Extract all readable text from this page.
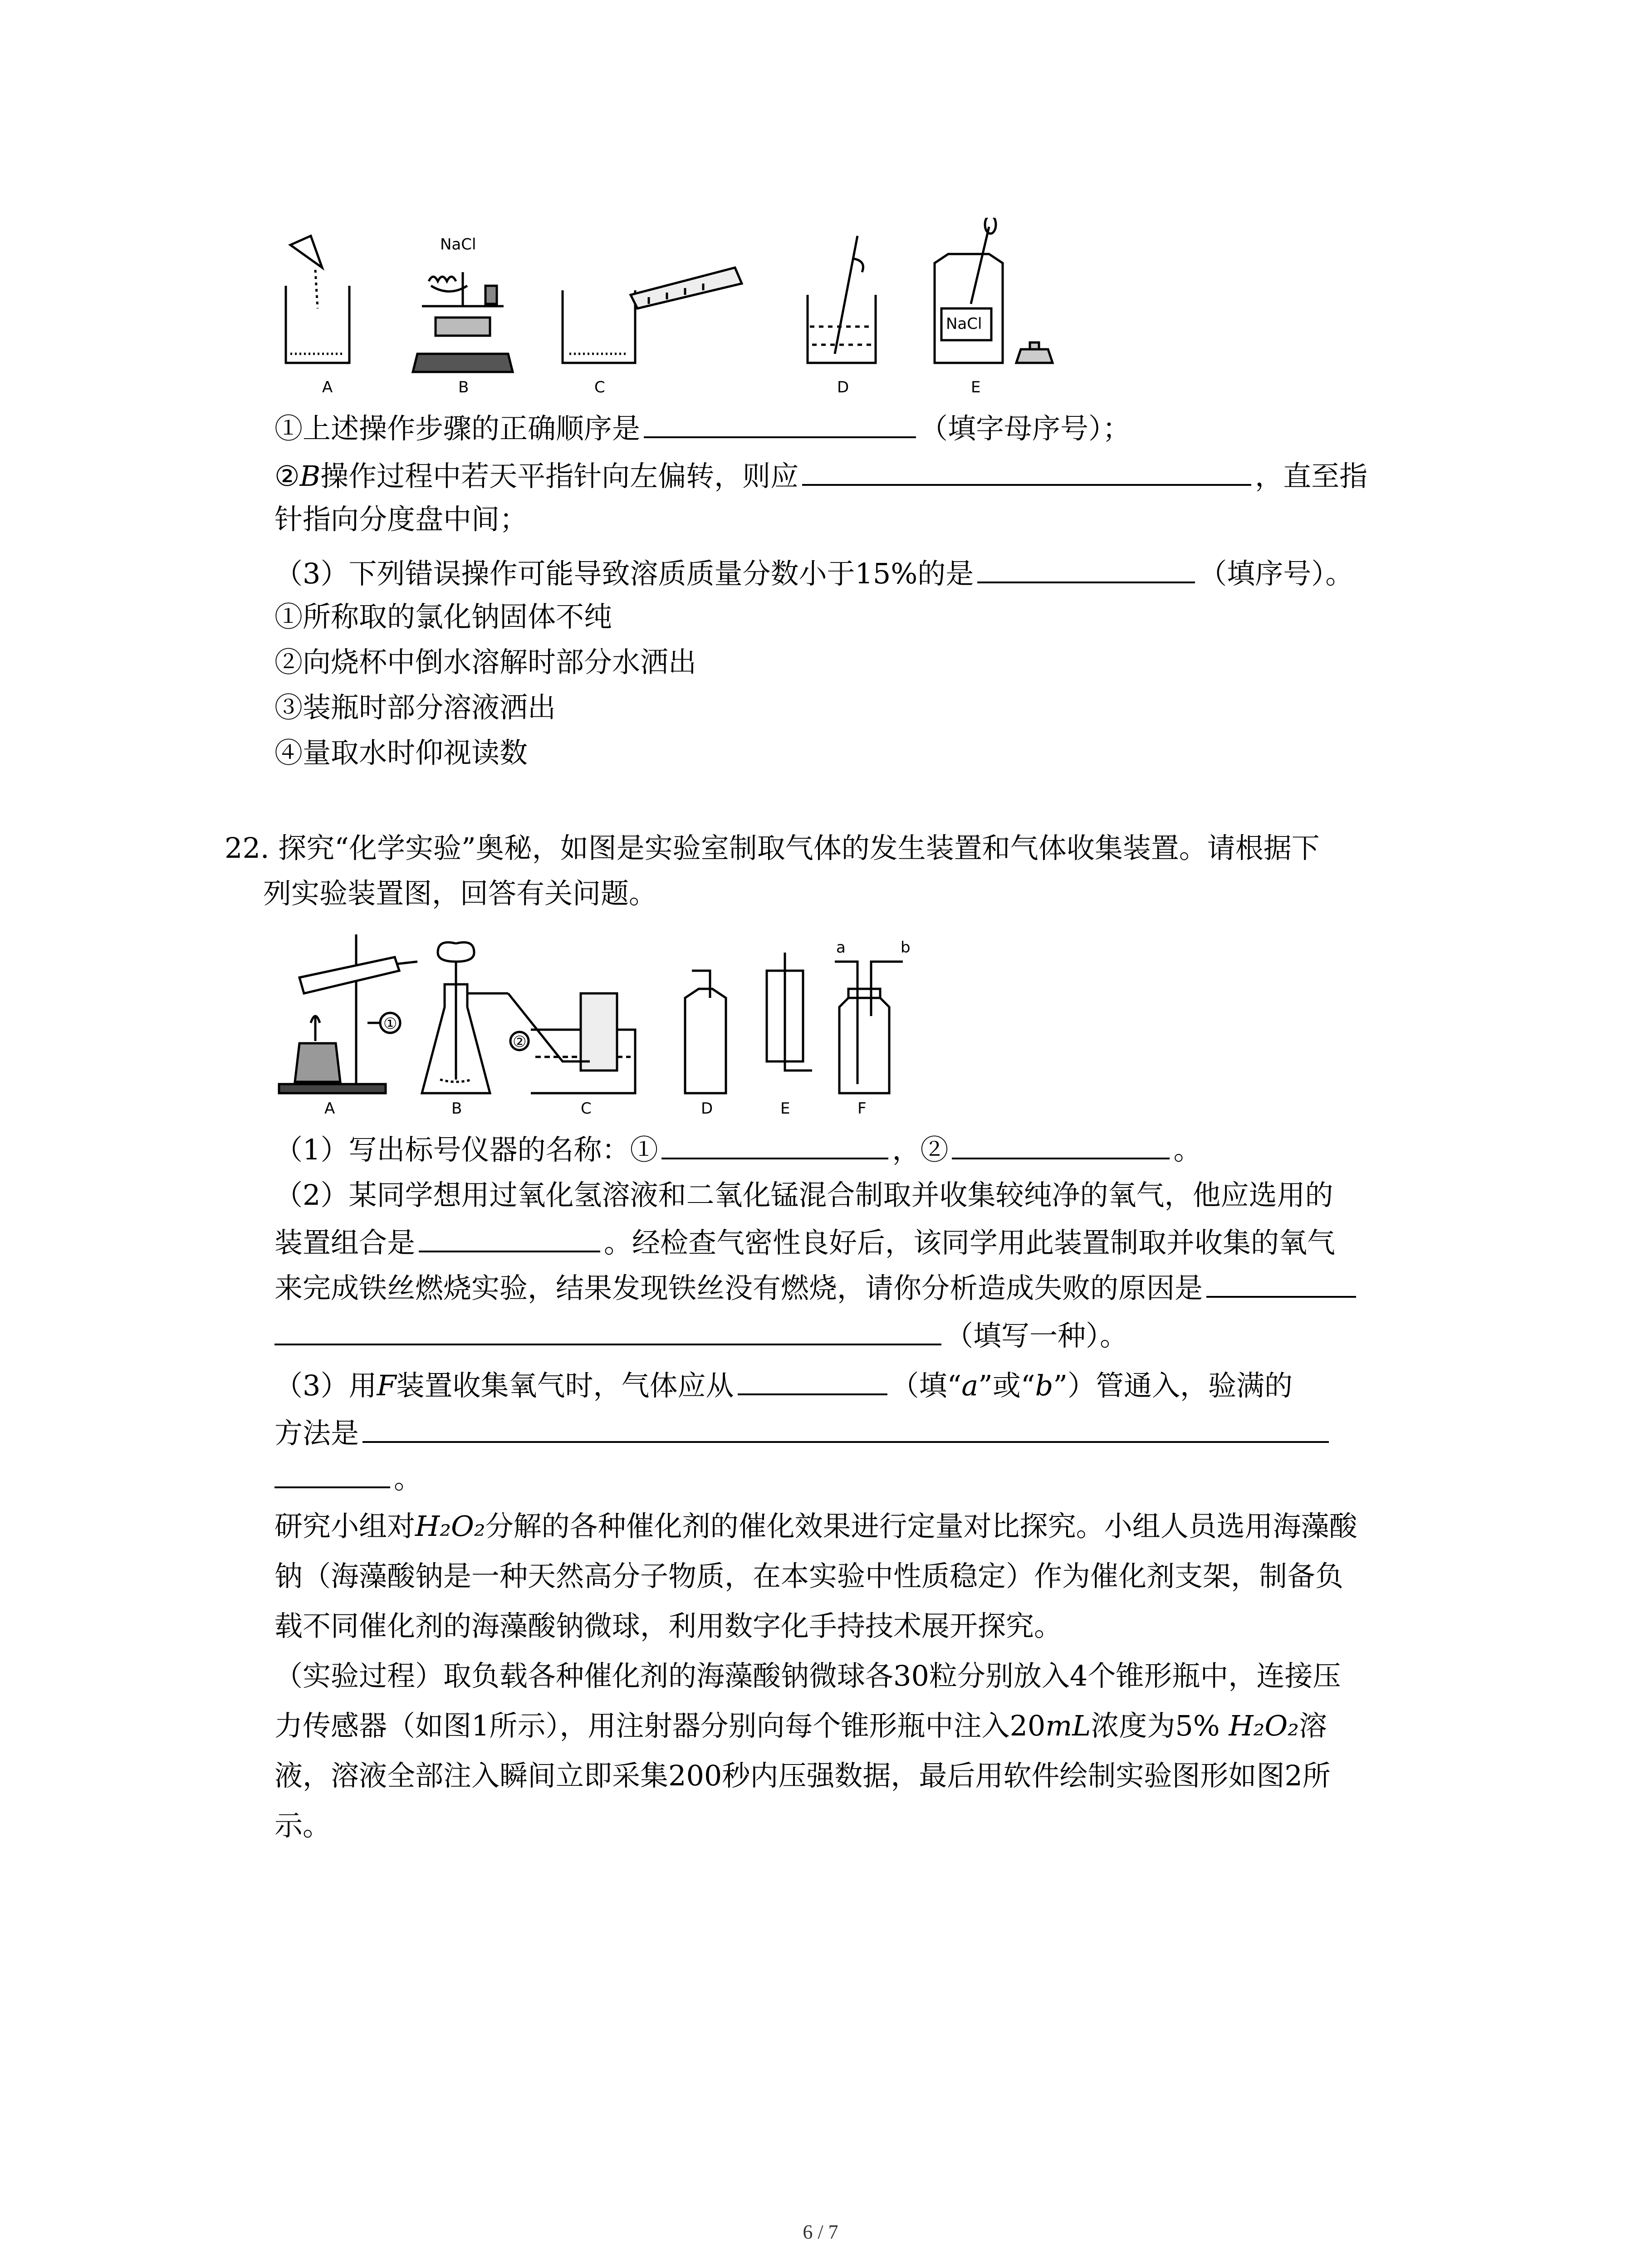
NaCl
NaCl
A	B	C	D	E
①上述操作步骤的正确顺序是	（填字母序号）；
②B操作过程中若天平指针向左偏转，则应	，直至指
针指向分度盘中间；
（3）下列错误操作可能导致溶质质量分数小于15%的是	（填序号）。
①所称取的氯化钠固体不纯
②向烧杯中倒水溶解时部分水洒出
③装瓶时部分溶液洒出
④量取水时仰视读数
22. 探究“化学实验”奥秘，如图是实验室制取气体的发生装置和气体收集装置。请根据下
列实验装置图，回答有关问题。
a	b
①
②
A	B	C	D	E	F
（1）写出标号仪器的名称：①	，②	。
（2）某同学想用过氧化氢溶液和二氧化锰混合制取并收集较纯净的氧气，他应选用的
装置组合是	。经检查气密性良好后，该同学用此装置制取并收集的氧气
来完成铁丝燃烧实验，结果发现铁丝没有燃烧，请你分析造成失败的原因是
（填写一种）。
（3）用F装置收集氧气时，气体应从	（填“a”或“b”）管通入，验满的
方法是
。
研究小组对H₂O₂分解的各种催化剂的催化效果进行定量对比探究。小组人员选用海藻酸
钠（海藻酸钠是一种天然高分子物质，在本实验中性质稳定）作为催化剂支架，制备负
载不同催化剂的海藻酸钠微球，利用数字化手持技术展开探究。
（实验过程）取负载各种催化剂的海藻酸钠微球各30粒分别放入4个锥形瓶中，连接压
力传感器（如图1所示），用注射器分别向每个锥形瓶中注入20mL浓度为5% H₂O₂溶
液，溶液全部注入瞬间立即采集200秒内压强数据，最后用软件绘制实验图形如图2所
示。
6 / 7
